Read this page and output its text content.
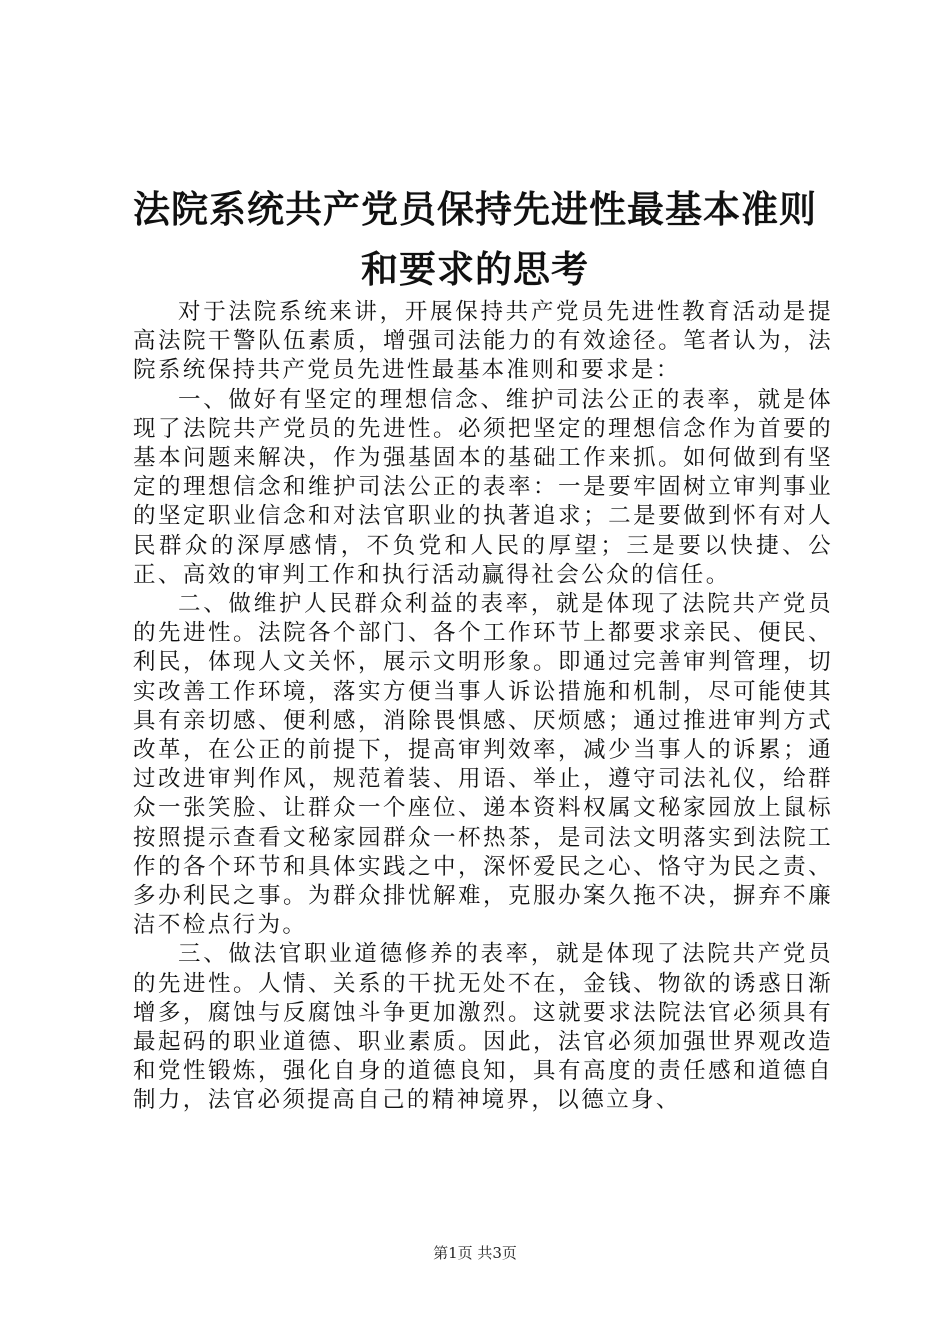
法院系统共产党员保持先进性最基本准则和要求的思考

对于法院系统来讲，开展保持共产党员先进性教育活动是提高法院干警队伍素质，增强司法能力的有效途径。笔者认为，法院系统保持共产党员先进性最基本准则和要求是：

一、做好有坚定的理想信念、维护司法公正的表率，就是体现了法院共产党员的先进性。必须把坚定的理想信念作为首要的基本问题来解决，作为强基固本的基础工作来抓。如何做到有坚定的理想信念和维护司法公正的表率：一是要牢固树立审判事业的坚定职业信念和对法官职业的执著追求；二是要做到怀有对人民群众的深厚感情，不负党和人民的厚望；三是要以快捷、公正、高效的审判工作和执行活动赢得社会公众的信任。

二、做维护人民群众利益的表率，就是体现了法院共产党员的先进性。法院各个部门、各个工作环节上都要求亲民、便民、利民，体现人文关怀，展示文明形象。即通过完善审判管理，切实改善工作环境，落实方便当事人诉讼措施和机制，尽可能使其具有亲切感、便利感，消除畏惧感、厌烦感；通过推进审判方式改革，在公正的前提下，提高审判效率，减少当事人的诉累；通过改进审判作风，规范着装、用语、举止，遵守司法礼仪，给群众一张笑脸、让群众一个座位、递本资料权属文秘家园放上鼠标按照提示查看文秘家园群众一杯热茶，是司法文明落实到法院工作的各个环节和具体实践之中，深怀爱民之心、恪守为民之责、多办利民之事。为群众排忧解难，克服办案久拖不决，摒弃不廉洁不检点行为。

三、做法官职业道德修养的表率，就是体现了法院共产党员的先进性。人情、关系的干扰无处不在，金钱、物欲的诱惑日渐增多，腐蚀与反腐蚀斗争更加激烈。这就要求法院法官必须具有最起码的职业道德、职业素质。因此，法官必须加强世界观改造和党性锻炼，强化自身的道德良知，具有高度的责任感和道德自制力，法官必须提高自己的精神境界，以德立身、

第1页 共3页
